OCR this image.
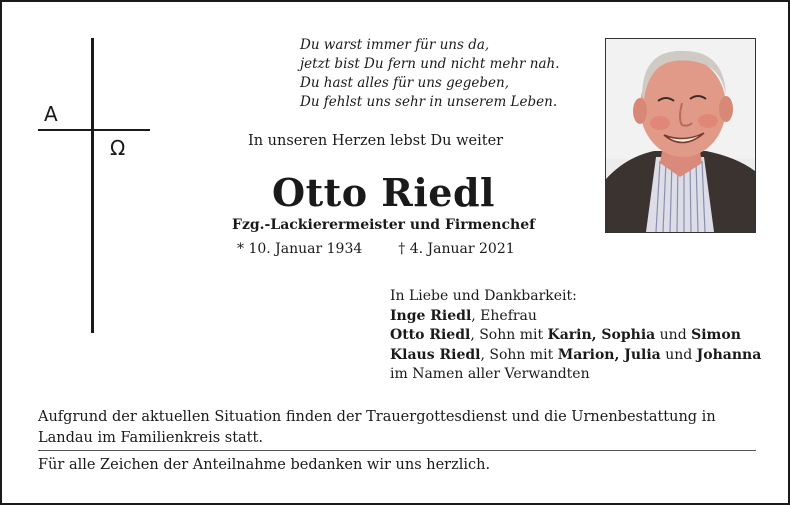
Du warst immer für uns da,
jetzt bist Du fern und nicht mehr nah.
Du hast alles für uns gegeben,
Du fehlst uns sehr in unserem Leben.
A
Ω	In unseren Herzen lebst Du weiter
Otto Riedl
Fzg.-Lackierermeister und Firmenchef
* 10. Januar 1934	† 4. Januar 2021
In Liebe und Dankbarkeit:
Inge Riedl, Ehefrau
Otto Riedl, Sohn mit Karin, Sophia und Simon
Klaus Riedl, Sohn mit Marion, Julia und Johanna
im Namen aller Verwandten
Aufgrund der aktuellen Situation finden der Trauergottesdienst und die Urnenbestattung in Landau im Familienkreis statt.
Für alle Zeichen der Anteilnahme bedanken wir uns herzlich.
